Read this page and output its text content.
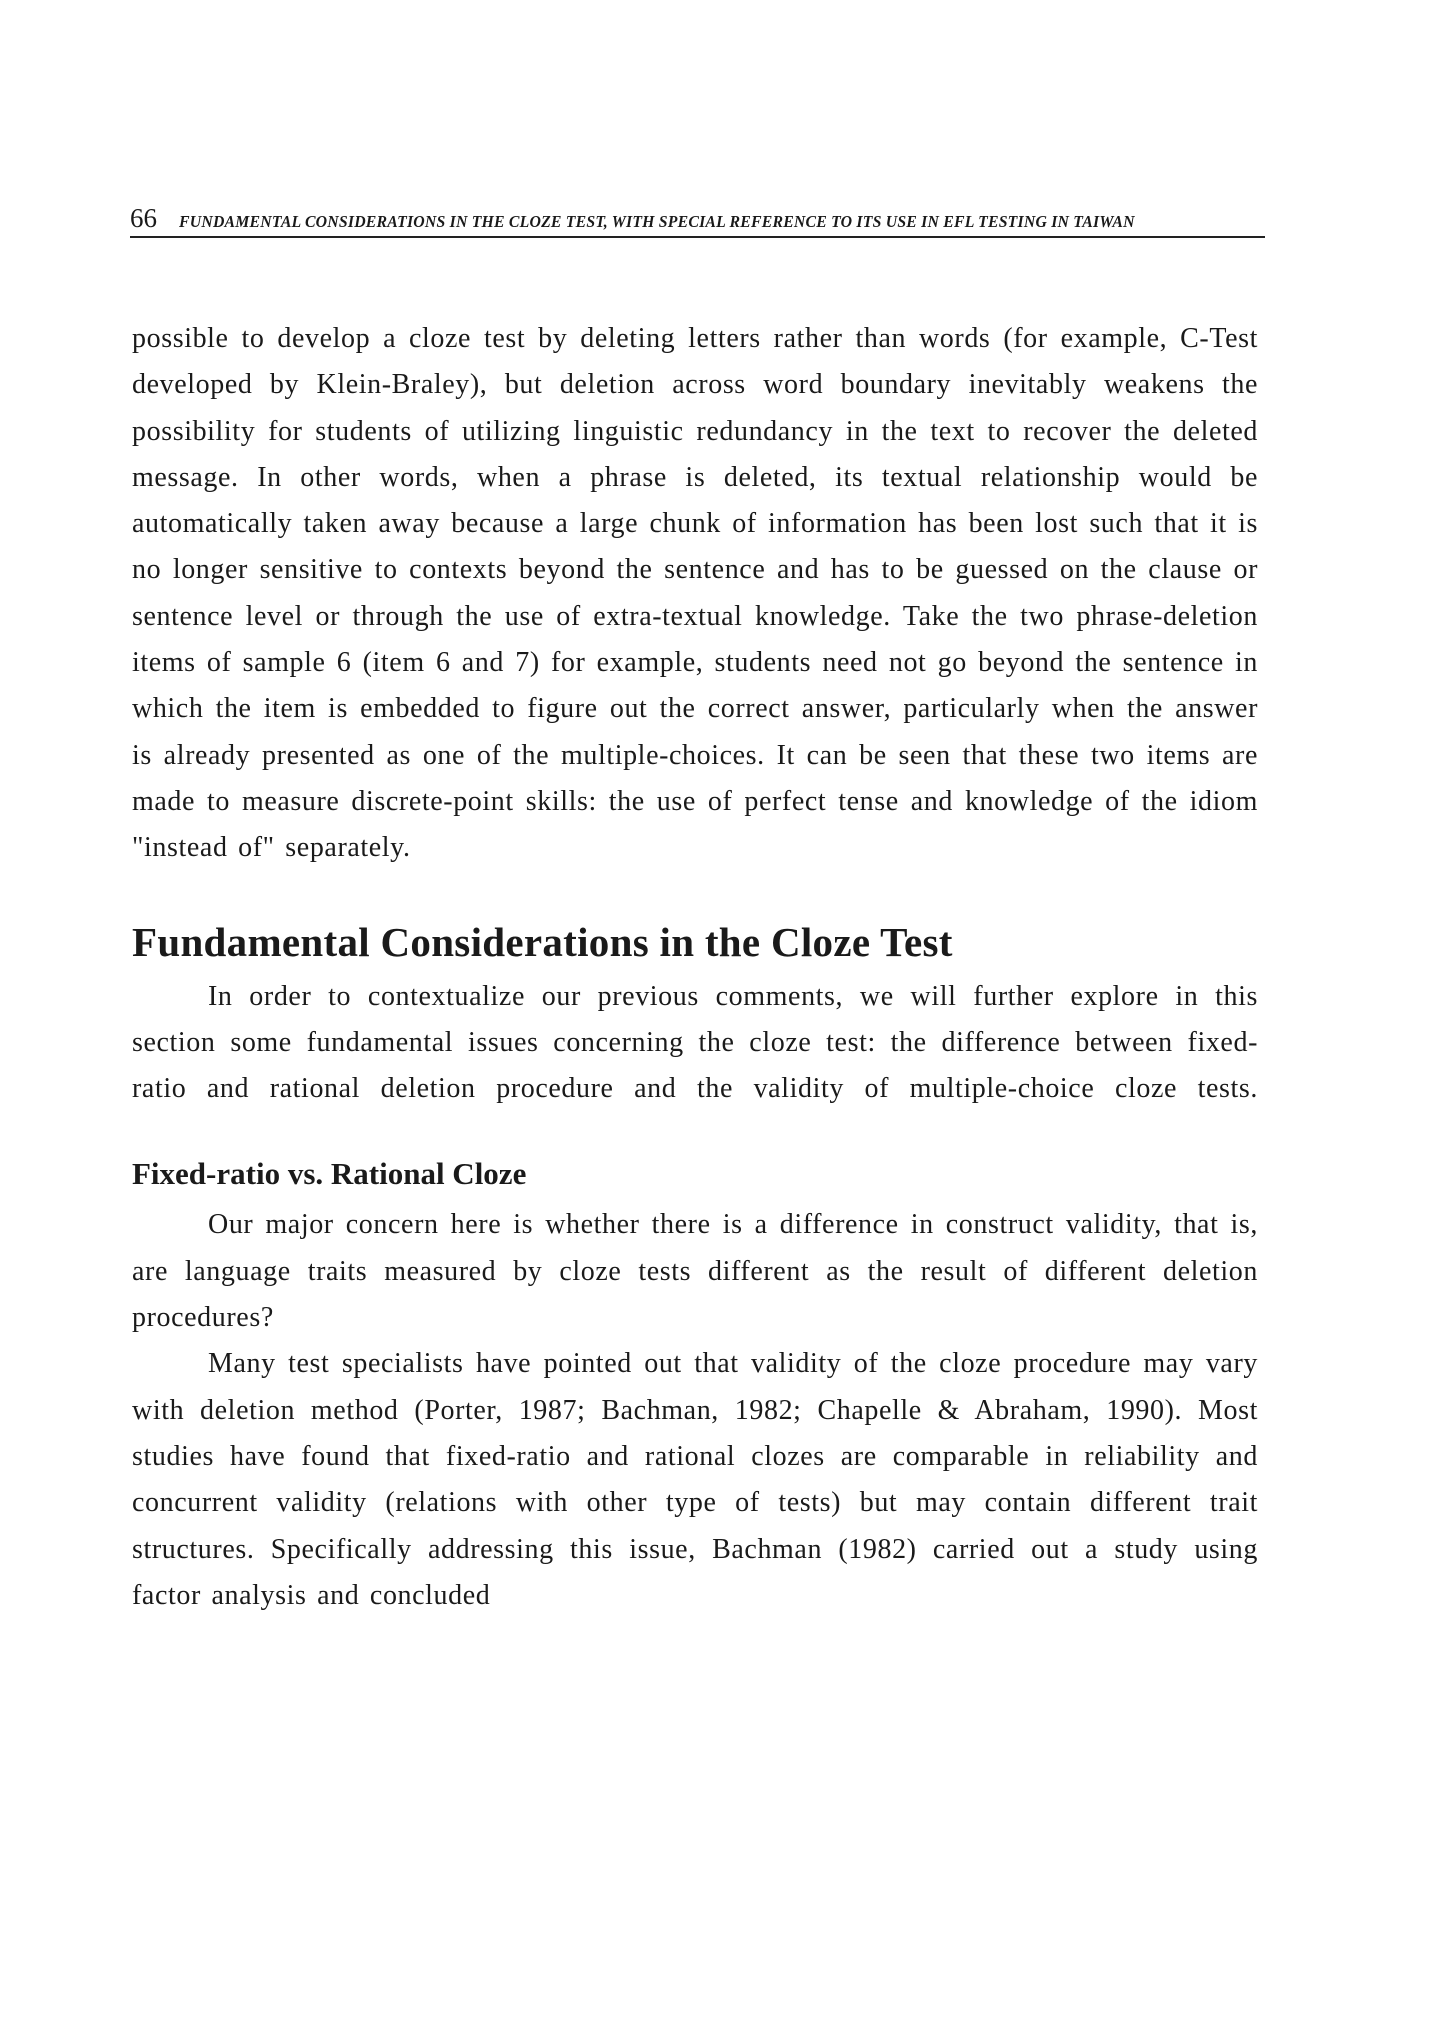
66 FUNDAMENTAL CONSIDERATIONS IN THE CLOZE TEST, WITH SPECIAL REFERENCE TO ITS USE IN EFL TESTING IN TAIWAN

possible to develop a cloze test by deleting letters rather than words (for example, C-Test developed by Klein-Braley), but deletion across word boundary inevitably weakens the possibility for students of utilizing linguistic redundancy in the text to recover the deleted message. In other words, when a phrase is deleted, its textual relationship would be automatically taken away because a large chunk of information has been lost such that it is no longer sensitive to contexts beyond the sentence and has to be guessed on the clause or sentence level or through the use of extra-textual knowledge. Take the two phrase-deletion items of sample 6 (item 6 and 7) for example, students need not go beyond the sentence in which the item is embedded to figure out the correct answer, particularly when the answer is already presented as one of the multiple-choices. It can be seen that these two items are made to measure discrete-point skills: the use of perfect tense and knowledge of the idiom "instead of" separately.

Fundamental Considerations in the Cloze Test

In order to contextualize our previous comments, we will further explore in this section some fundamental issues concerning the cloze test: the difference between fixed-ratio and rational deletion procedure and the validity of multiple-choice cloze tests.

Fixed-ratio vs. Rational Cloze

Our major concern here is whether there is a difference in construct validity, that is, are language traits measured by cloze tests different as the result of different deletion procedures?

Many test specialists have pointed out that validity of the cloze procedure may vary with deletion method (Porter, 1987; Bachman, 1982; Chapelle & Abraham, 1990). Most studies have found that fixed-ratio and rational clozes are comparable in reliability and concurrent validity (relations with other type of tests) but may contain different trait structures. Specifically addressing this issue, Bachman (1982) carried out a study using factor analysis and concluded
